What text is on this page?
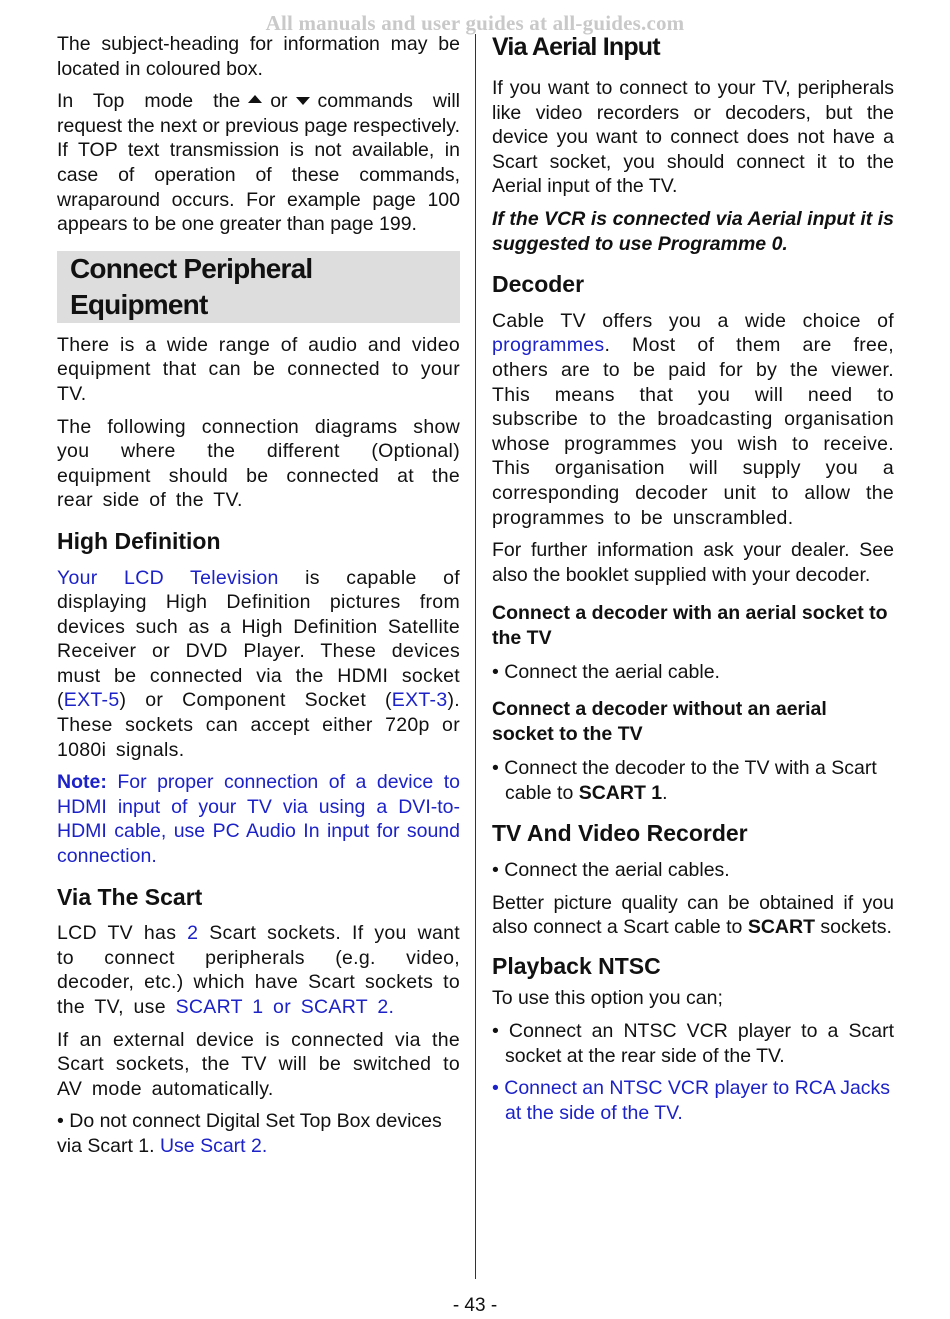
All manuals and user guides at all-guides.com

The subject-heading for information may be located in coloured box.

In Top mode the or commands will request the next or previous page respectively. If TOP text transmission is not available, in case of operation of these commands, wraparound occurs. For example page 100 appears to be one greater than page 199.

Connect Peripheral Equipment

There is a wide range of audio and video equipment that can be connected to your TV.

The following connection diagrams show you where the different (Optional) equipment should be connected at the rear side of the TV.

High Definition

Your LCD Television is capable of displaying High Definition pictures from devices such as a High Definition Satellite Receiver or DVD Player. These devices must be connected via the HDMI socket (EXT-5) or Component Socket (EXT-3). These sockets can accept either 720p or 1080i signals.

Note: For proper connection of a device to HDMI input of your TV via using a DVI-to-HDMI cable, use PC Audio In input for sound connection.

Via The Scart

LCD TV has 2 Scart sockets. If you want to connect peripherals (e.g. video, decoder, etc.) which have Scart sockets to the TV, use SCART 1 or SCART 2.

If an external device is connected via the Scart sockets, the TV will be switched to AV mode automatically.

• Do not connect Digital Set Top Box devices via Scart 1. Use Scart 2.

Via Aerial Input

If you want to connect to your TV, peripherals like video recorders or decoders, but the device you want to connect does not have a Scart socket, you should connect it to the Aerial input of the TV.

If the VCR is connected via Aerial input it is suggested to use Programme 0.

Decoder

Cable TV offers you a wide choice of programmes. Most of them are free, others are to be paid for by the viewer. This means that you will need to subscribe to the broadcasting organisation whose programmes you wish to receive. This organisation will supply you a corresponding decoder unit to allow the programmes to be unscrambled.

For further information ask your dealer. See also the booklet supplied with your decoder.

Connect a decoder with an aerial socket to the TV

• Connect the aerial cable.

Connect a decoder without an aerial socket to the TV

• Connect the decoder to the TV with a Scart cable to SCART 1.

TV And Video Recorder

• Connect the aerial cables.

Better picture quality can be obtained if you also connect a Scart cable to SCART sockets.

Playback NTSC

To use this option you can;

• Connect an NTSC VCR player to a Scart socket at the rear side of the TV.

• Connect an NTSC VCR player to RCA Jacks at the side of the TV.

- 43 -
